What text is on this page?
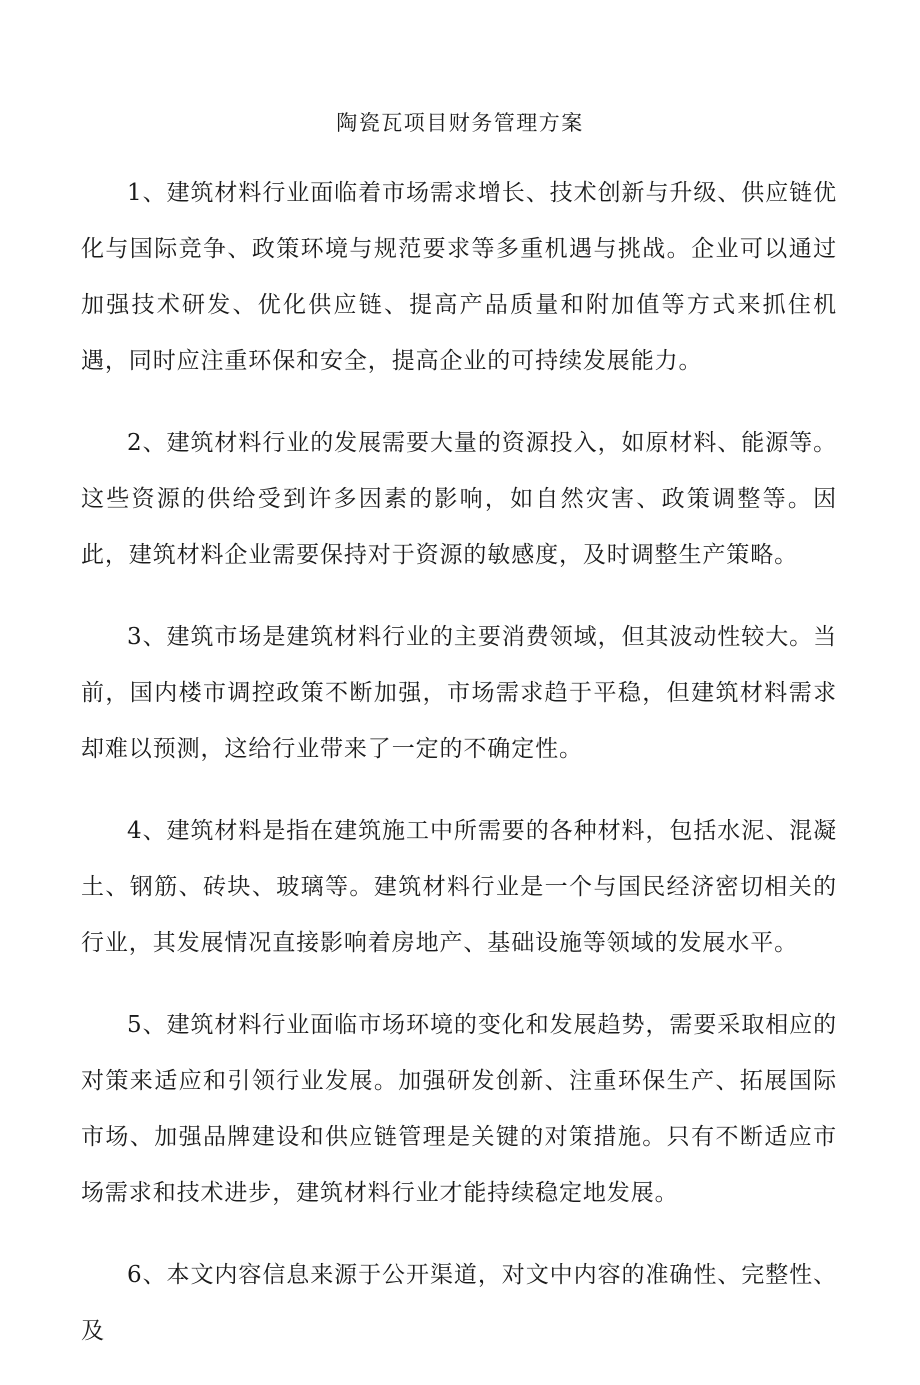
陶瓷瓦项目财务管理方案

1、建筑材料行业面临着市场需求增长、技术创新与升级、供应链优化与国际竞争、政策环境与规范要求等多重机遇与挑战。企业可以通过加强技术研发、优化供应链、提高产品质量和附加值等方式来抓住机遇，同时应注重环保和安全，提高企业的可持续发展能力。

2、建筑材料行业的发展需要大量的资源投入，如原材料、能源等。这些资源的供给受到许多因素的影响，如自然灾害、政策调整等。因此，建筑材料企业需要保持对于资源的敏感度，及时调整生产策略。

3、建筑市场是建筑材料行业的主要消费领域，但其波动性较大。当前，国内楼市调控政策不断加强，市场需求趋于平稳，但建筑材料需求却难以预测，这给行业带来了一定的不确定性。

4、建筑材料是指在建筑施工中所需要的各种材料，包括水泥、混凝土、钢筋、砖块、玻璃等。建筑材料行业是一个与国民经济密切相关的行业，其发展情况直接影响着房地产、基础设施等领域的发展水平。

5、建筑材料行业面临市场环境的变化和发展趋势，需要采取相应的对策来适应和引领行业发展。加强研发创新、注重环保生产、拓展国际市场、加强品牌建设和供应链管理是关键的对策措施。只有不断适应市场需求和技术进步，建筑材料行业才能持续稳定地发展。

6、本文内容信息来源于公开渠道，对文中内容的准确性、完整性、及
